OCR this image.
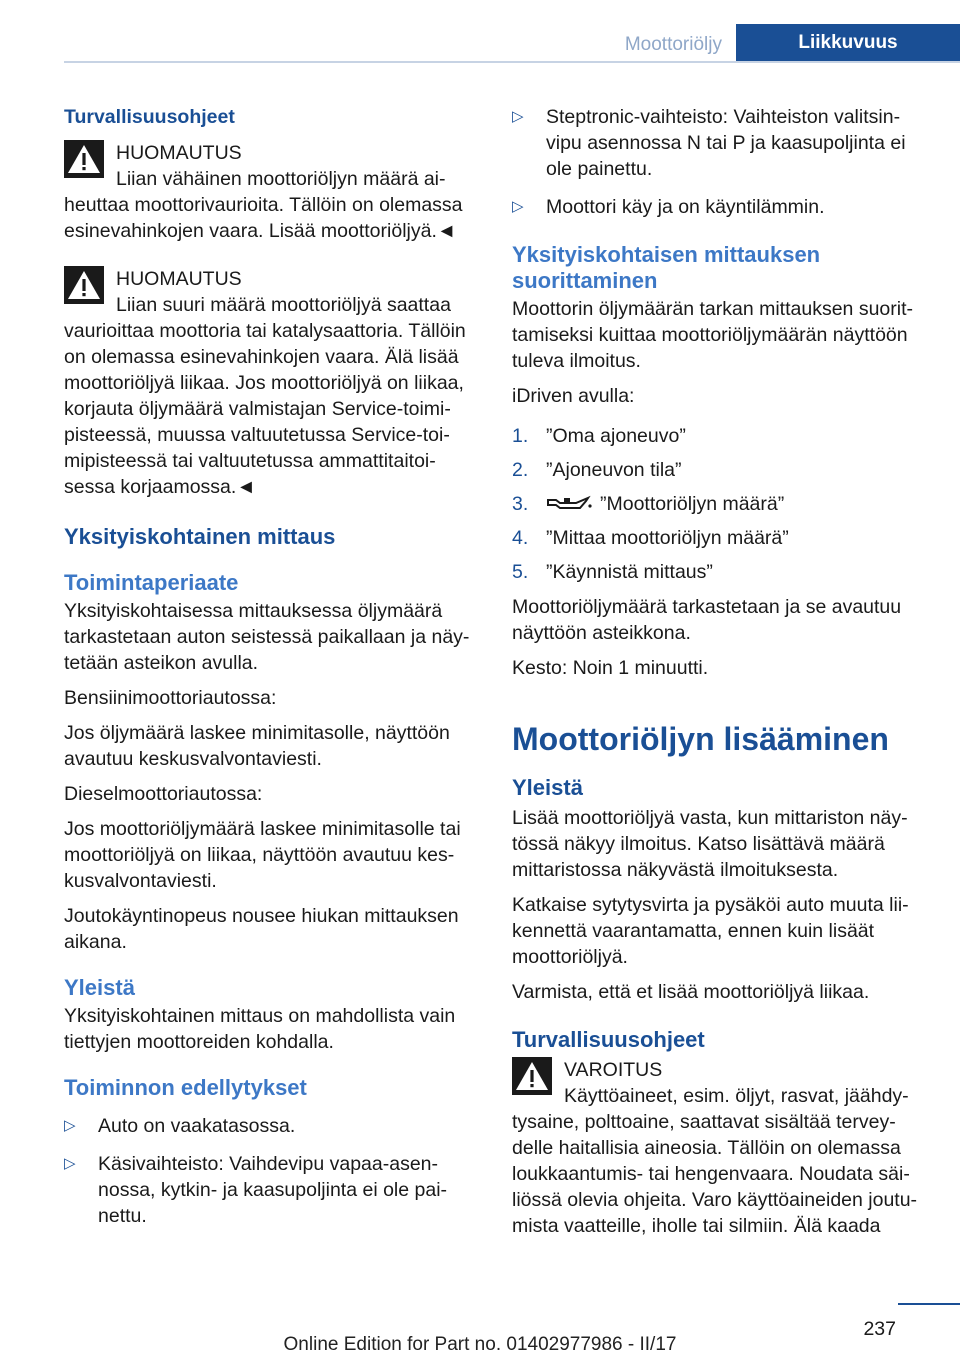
Moottoriöljy	Liikkuvuus
Turvallisuusohjeet
HUOMAUTUS
Liian vähäinen moottoriöljyn määrä ai‐heuttaa moottorivaurioita. Tällöin on olemassa esinevahinkojen vaara. Lisää moottoriöljyä.◄
HUOMAUTUS
Liian suuri määrä moottoriöljyä saattaa vaurioittaa moottoria tai katalysaattoria. Tällöin on olemassa esinevahinkojen vaara. Älä lisää moottoriöljyä liikaa. Jos moottoriöljyä on liikaa, korjauta öljymäärä valmistajan Service-toimi‐pisteessä, muussa valtuutetussa Service-toi‐mipisteessä tai valtuutetussa ammattitaitoi‐sessa korjaamossa.◄
Yksityiskohtainen mittaus
Toimintaperiaate

Yksityiskohtaisessa mittauksessa öljymäärä tarkastetaan auton seistessä paikallaan ja näy‐tetään asteikon avulla.

Bensiinimoottoriautossa:

Jos öljymäärä laskee minimitasolle, näyttöön avautuu keskusvalvontaviesti.

Dieselmoottoriautossa:

Jos moottoriöljymäärä laskee minimitasolle tai moottoriöljyä on liikaa, näyttöön avautuu kes‐kusvalvontaviesti.

Joutokäyntinopeus nousee hiukan mittauksen aikana.

Yleistä

Yksityiskohtainen mittaus on mahdollista vain tiettyjen moottoreiden kohdalla.

Toiminnon edellytykset
▷ Auto on vaakatasossa.
▷ Käsivaihteisto: Vaihdevipu vapaa-asen‐nossa, kytkin- ja kaasupoljinta ei ole pai‐nettu.
▷ Steptronic-vaihteisto: Vaihteiston valitsin‐vipu asennossa N tai P ja kaasupoljinta ei ole painettu.
▷ Moottori käy ja on käyntilämmin.
Yksityiskohtaisen mittauksen suorittaminen

Moottorin öljymäärän tarkan mittauksen suorit‐tamiseksi kuittaa moottoriöljymäärän näyttöön tuleva ilmoitus.

iDriven avulla:

1. ”Oma ajoneuvo”
2. ”Ajoneuvon tila”
3.	”Moottoriöljyn määrä”
4. ”Mittaa moottoriöljyn määrä”
5. ”Käynnistä mittaus”

Moottoriöljymäärä tarkastetaan ja se avautuu näyttöön asteikkona.

Kesto: Noin 1 minuutti.

Moottoriöljyn lisääminen
Yleistä

Lisää moottoriöljyä vasta, kun mittariston näy‐tössä näkyy ilmoitus. Katso lisättävä määrä mittaristossa näkyvästä ilmoituksesta.

Katkaise sytytysvirta ja pysäköi auto muuta lii‐kennettä vaarantamatta, ennen kuin lisäät moottoriöljyä.

Varmista, että et lisää moottoriöljyä liikaa.

Turvallisuusohjeet
VAROITUS
Käyttöaineet, esim. öljyt, rasvat, jäähdy‐tysaine, polttoaine, saattavat sisältää tervey‐delle haitallisia aineosia. Tällöin on olemassa loukkaantumis- tai hengenvaara. Noudata säi‐liössä olevia ohjeita. Varo käyttöaineiden joutu‐mista vaatteille, iholle tai silmiin. Älä kaada
237
Online Edition for Part no. 01402977986 - II/17
